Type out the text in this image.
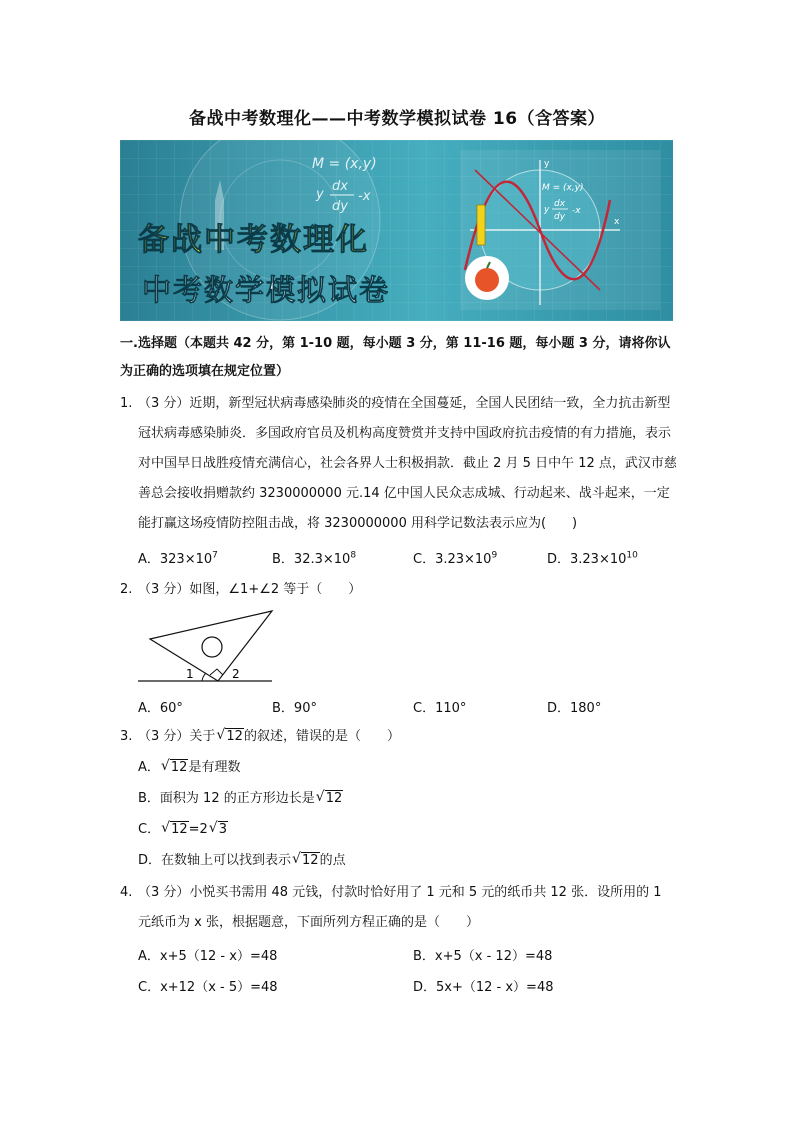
备战中考数理化——中考数学模拟试卷 16（含答案）
M = (x,y)
y
dx
dy
-x
x
y
M = (x,y)
y
dx
dy
-x
备战中考数理化
中考数学模拟试卷
一.选择题（本题共 42 分，第 1-10 题，每小题 3 分，第 11-16 题，每小题 3 分，请将你认为正确的选项填在规定位置）
1. （3 分）近期，新型冠状病毒感染肺炎的疫情在全国蔓延，全国人民团结一致，全力抗击新型冠状病毒感染肺炎．多国政府官员及机构高度赞赏并支持中国政府抗击疫情的有力措施，表示对中国早日战胜疫情充满信心，社会各界人士积极捐款．截止 2 月 5 日中午 12 点，武汉市慈善总会接收捐赠款约 3230000000 元.14 亿中国人民众志成城、行动起来、战斗起来，一定能打赢这场疫情防控阻击战，将 3230000000 用科学记数法表示应为(　　)
A．$323\times 10^7$	B．$32.3\times 10^8$	C．$3.23\times 10^9$	D．$3.23\times 10^{10}$
2. （3 分）如图，∠1+∠2 等于（　　）
1	2
A．60°	B．90°	C．110°	D．180°
3. （3 分）关于 √ 12的叙述，错误的是（　　）
A． √ 12是有理数
B．面积为 12 的正方形边长是 √ 12
C． √ 12=2 √ 3
D．在数轴上可以找到表示 √ 12的点
4. （3 分）小悦买书需用 48 元钱，付款时恰好用了 1 元和 5 元的纸币共 12 张．设所用的 1 元纸币为 x 张，根据题意，下面所列方程正确的是（　　）
A．x+5（12 - x）=48	B．x+5（x - 12）=48
C．x+12（x - 5）=48	D．5x+（12 - x）=48
